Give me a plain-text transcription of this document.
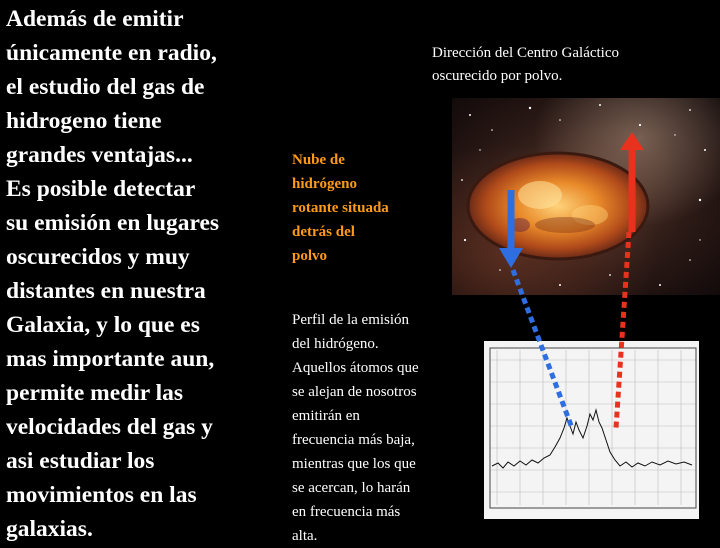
Además de emitir
únicamente en radio,
el estudio del gas de
hidrogeno tiene
grandes ventajas...
Es posible detectar
su emisión en lugares
oscurecidos y muy
distantes en nuestra
Galaxia, y lo que es
mas importante aun,
permite medir las
velocidades del gas y
asi estudiar los
movimientos en las
galaxias.
Dirección del Centro Galáctico
oscurecido por polvo.
Nube de
hidrógeno
rotante situada
detrás del
polvo
Perfil de la emisión
del hidrógeno.
Aquellos átomos que
se alejan de nosotros
emitirán en
frecuencia más baja,
mientras que los que
se acercan, lo harán
en frecuencia más
alta.
